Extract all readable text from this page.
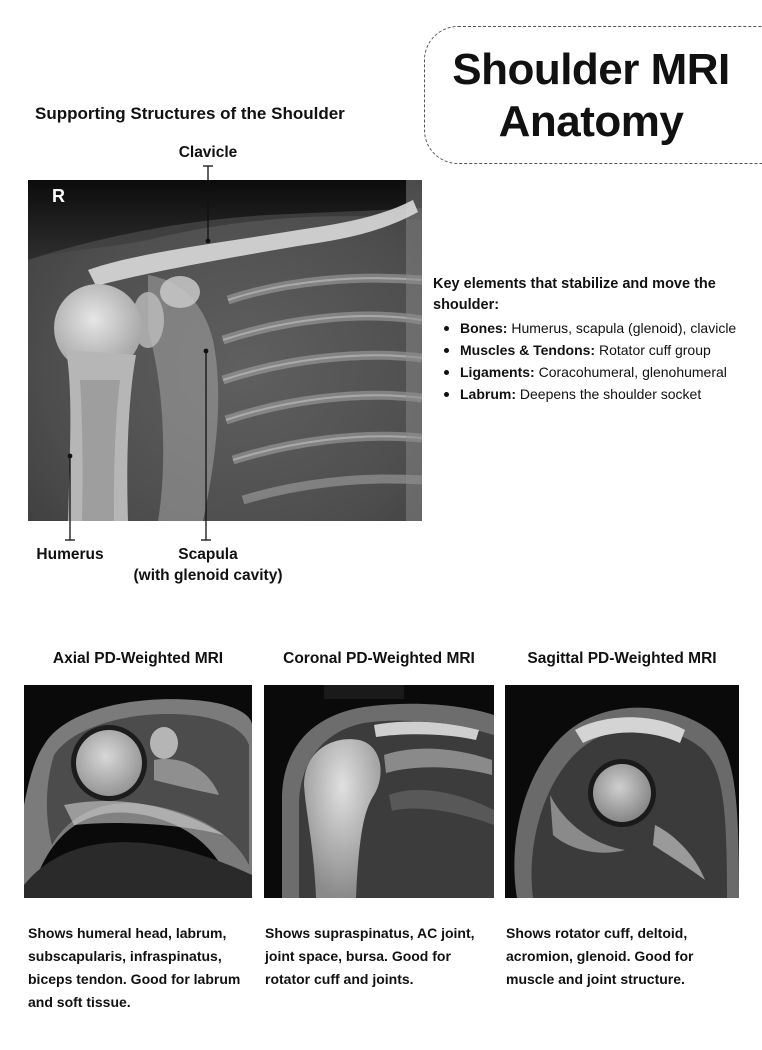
Shoulder MRI
Anatomy
Supporting Structures of the Shoulder
Clavicle
R
Humerus	Scapula
(with glenoid cavity)
Key elements that stabilize and move the shoulder:
Bones: Humerus, scapula (glenoid), clavicle
Muscles & Tendons: Rotator cuff group
Ligaments: Coracohumeral, glenohumeral
Labrum: Deepens the shoulder socket
Axial PD-Weighted MRI	Coronal PD-Weighted MRI	Sagittal PD-Weighted MRI
Shows humeral head, labrum, subscapularis, infraspinatus, biceps tendon. Good for labrum and soft tissue.
Shows supraspinatus, AC joint, joint space, bursa. Good for rotator cuff and joints.
Shows rotator cuff, deltoid, acromion, glenoid. Good for muscle and joint structure.
